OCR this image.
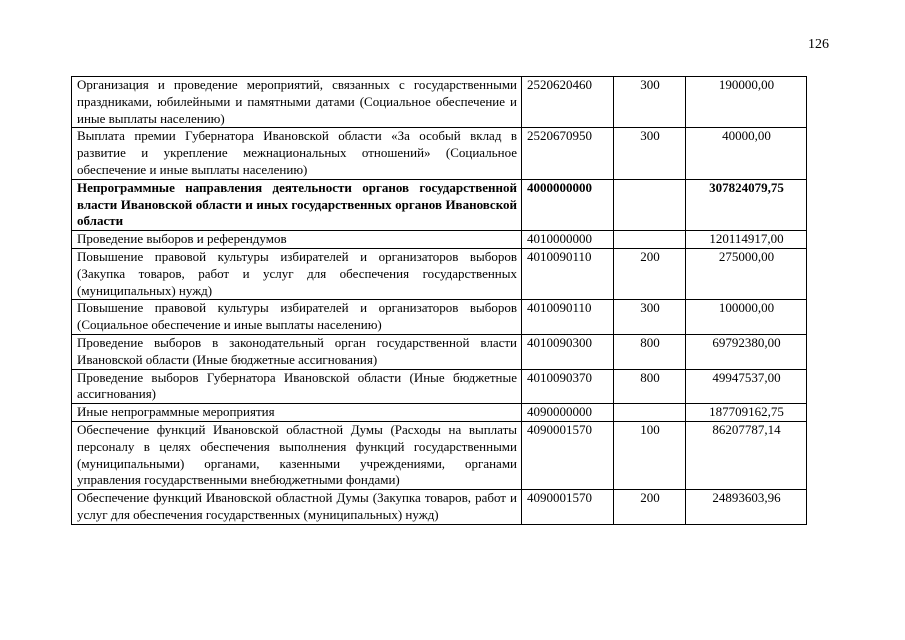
126
Организация и проведение мероприятий, связанных с государственными праздниками, юбилейными и памятными датами (Социальное обеспечение и иные выплаты населению)	2520620460	300	190000,00
Выплата премии Губернатора Ивановской области «За особый вклад в развитие и укрепление межнациональных отношений» (Социальное обеспечение и иные выплаты населению)	2520670950	300	40000,00
Непрограммные направления деятельности органов государственной власти Ивановской области и иных государственных органов Ивановской области	4000000000		307824079,75
Проведение выборов и референдумов	4010000000		120114917,00
Повышение правовой культуры избирателей и организаторов выборов (Закупка товаров, работ и услуг для обеспечения государственных (муниципальных) нужд)	4010090110	200	275000,00
Повышение правовой культуры избирателей и организаторов выборов (Социальное обеспечение и иные выплаты населению)	4010090110	300	100000,00
Проведение выборов в законодательный орган государственной власти Ивановской области (Иные бюджетные ассигнования)	4010090300	800	69792380,00
Проведение выборов Губернатора Ивановской области (Иные бюджетные ассигнования)	4010090370	800	49947537,00
Иные непрограммные мероприятия	4090000000		187709162,75
Обеспечение функций Ивановской областной Думы (Расходы на выплаты персоналу в целях обеспечения выполнения функций государственными (муниципальными) органами, казенными учреждениями, органами управления государственными внебюджетными фондами)	4090001570	100	86207787,14
Обеспечение функций Ивановской областной Думы (Закупка товаров, работ и услуг для обеспечения государственных (муниципальных) нужд)	4090001570	200	24893603,96
